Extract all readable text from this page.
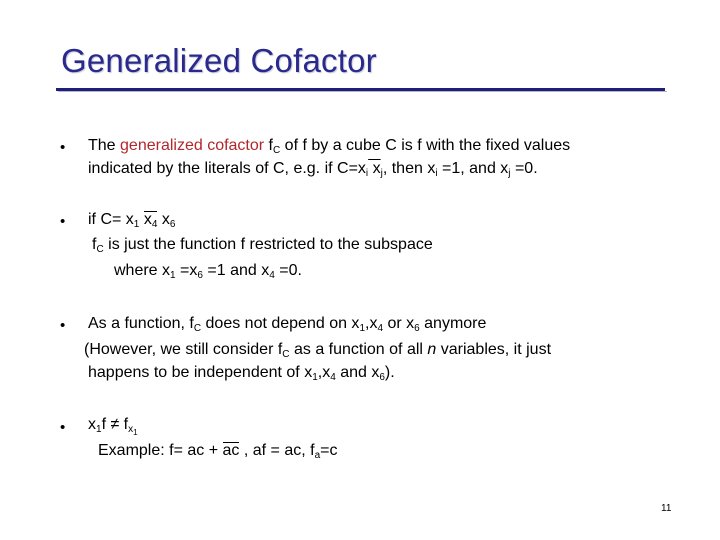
Generalized Cofactor
• The generalized cofactor $f_C$ of f by a cube C is f with the fixed values
indicated by the literals of C, e.g. if $C=x_i$ $x_j$, then $x_i =1$, and $x_j =0$.
• if $C= x_1$ $x_4$ $x_6$
$f_C$ is just the function f restricted to the subspace
where $x_1 =x_6 =1$ and $x_4 =0$.
• As a function, $f_C$ does not depend on $x_1,x_4$ or $x_6$ anymore
(However, we still consider $f_C$ as a function of all n variables, it just
happens to be independent of $x_1,x_4$ and $x_6$).
• $x_1f \ne f_{x_1}$
Example: f= ac + ac , af = ac, $f_a=c$
11
